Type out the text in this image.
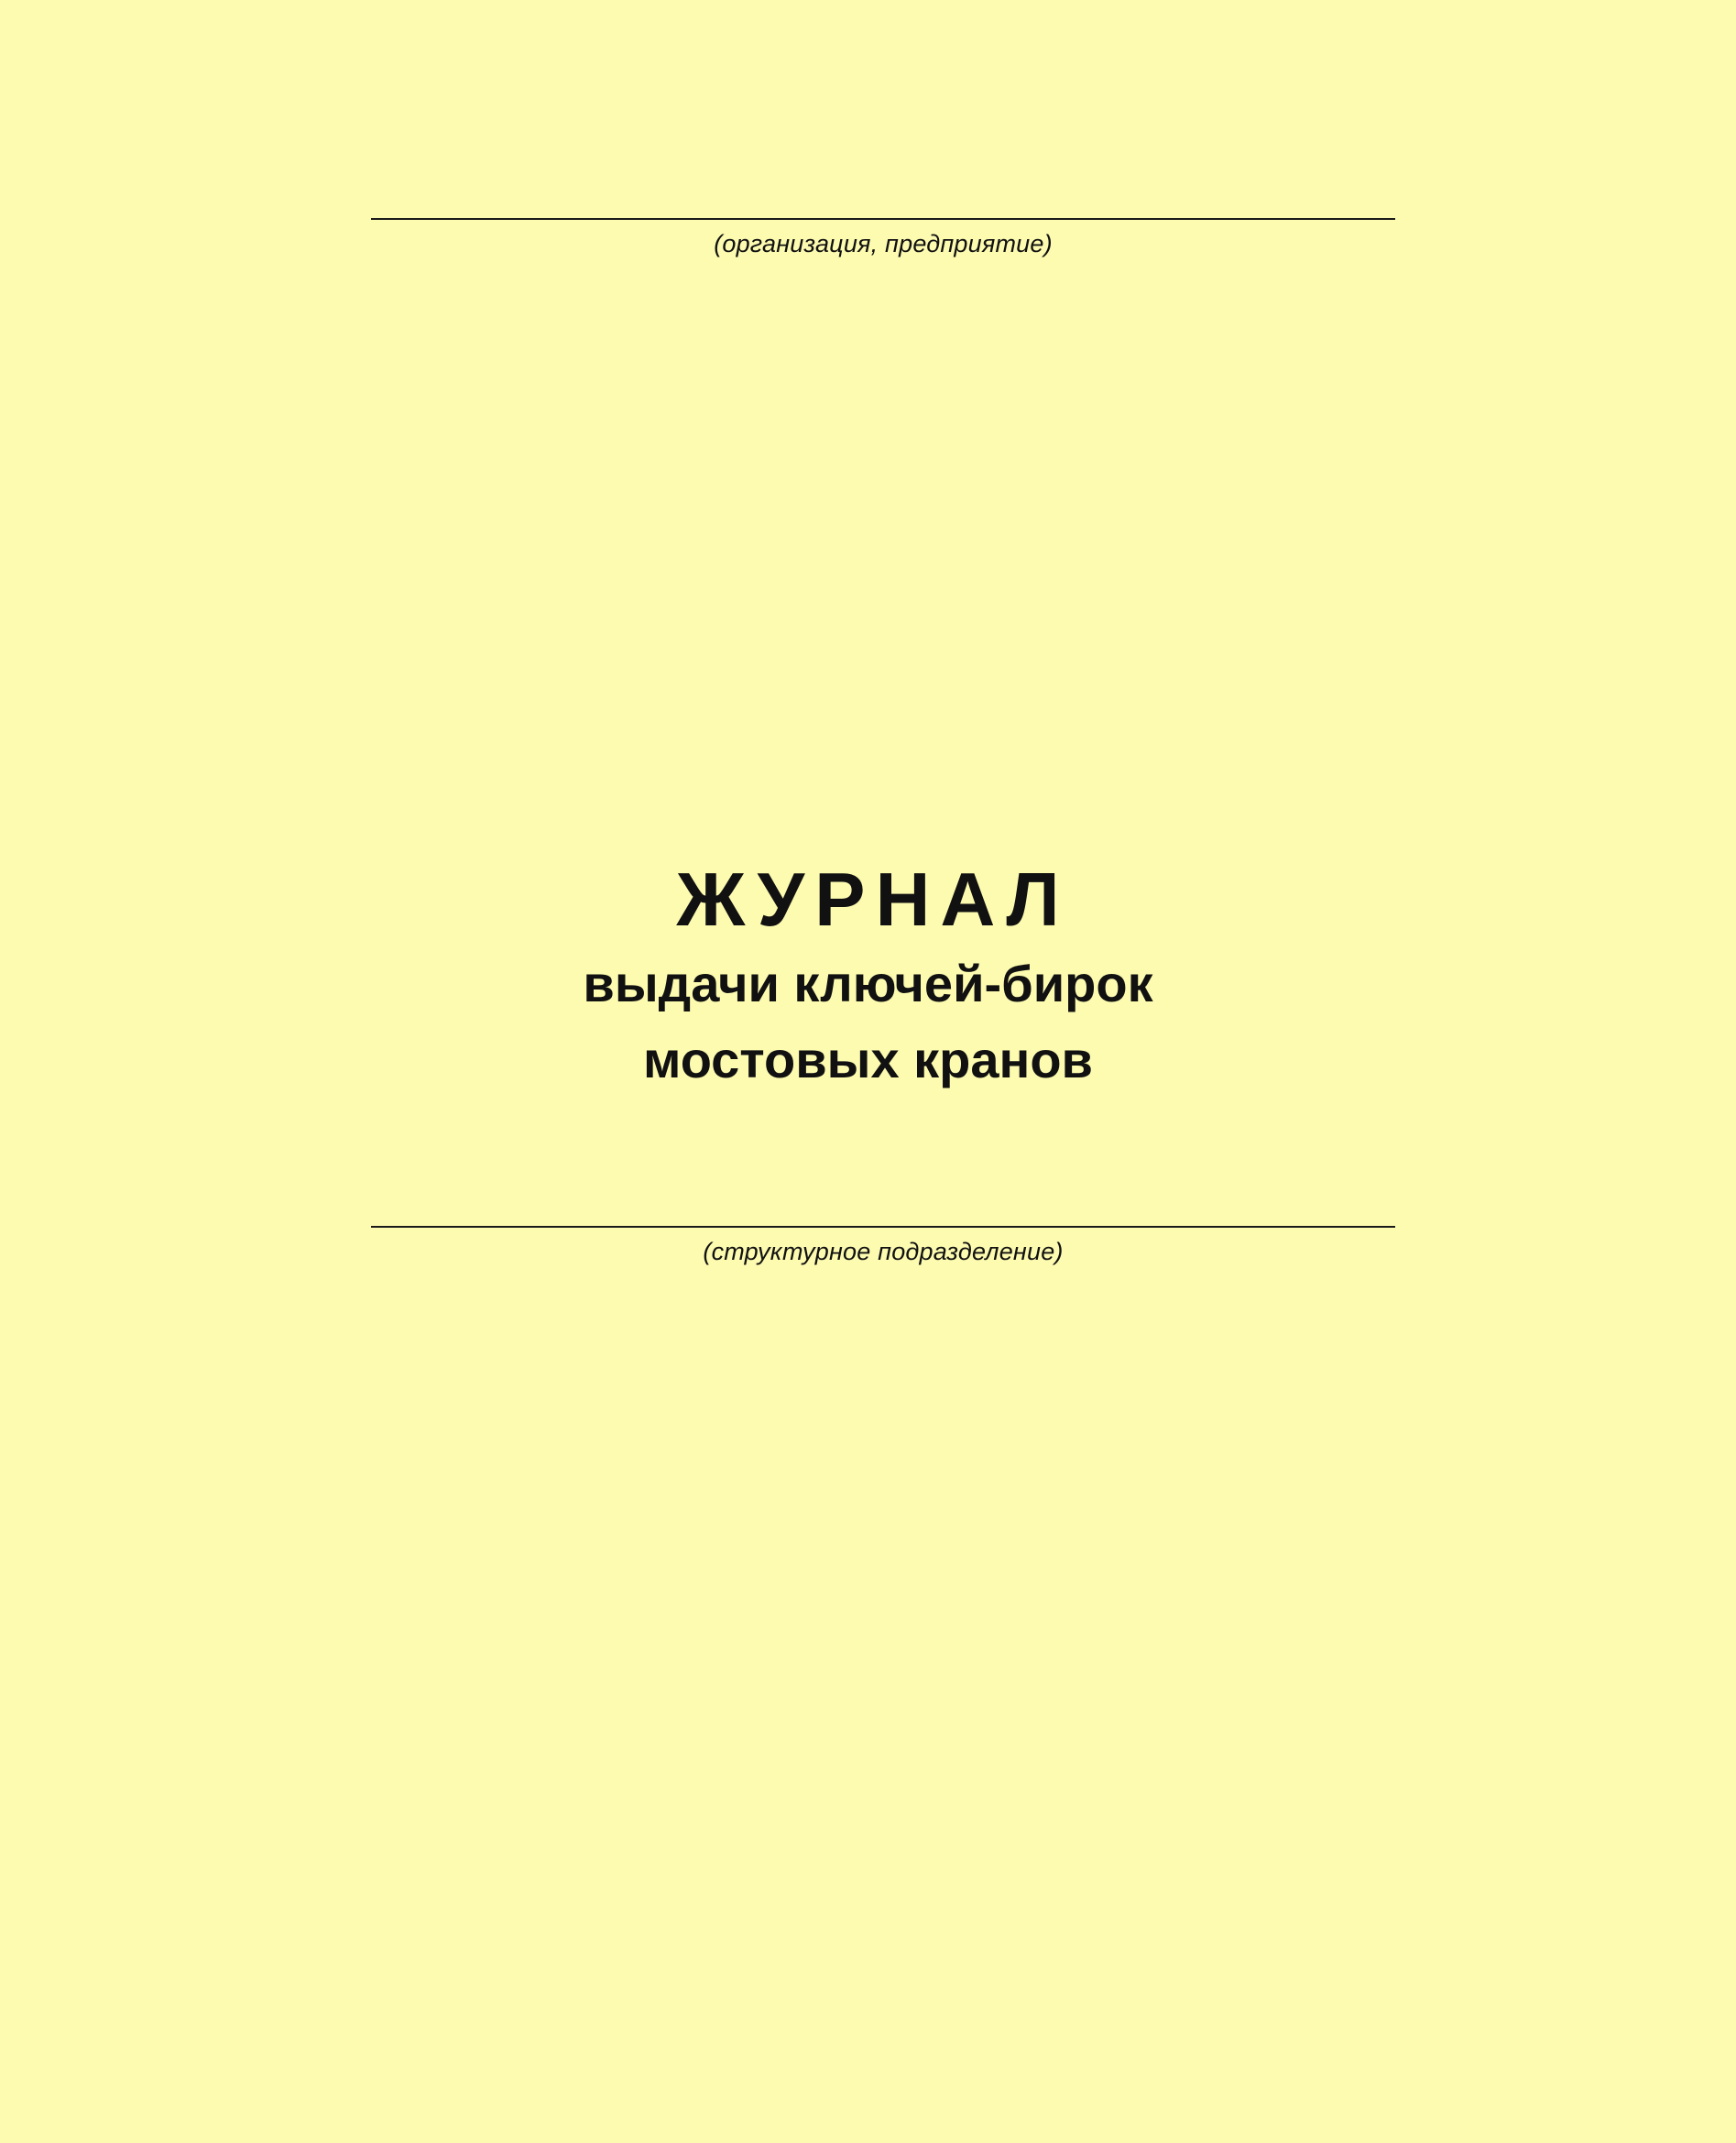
(организация, предприятие)
ЖУРНАЛ
выдачи ключей-бирок
мостовых кранов
(структурное подразделение)
